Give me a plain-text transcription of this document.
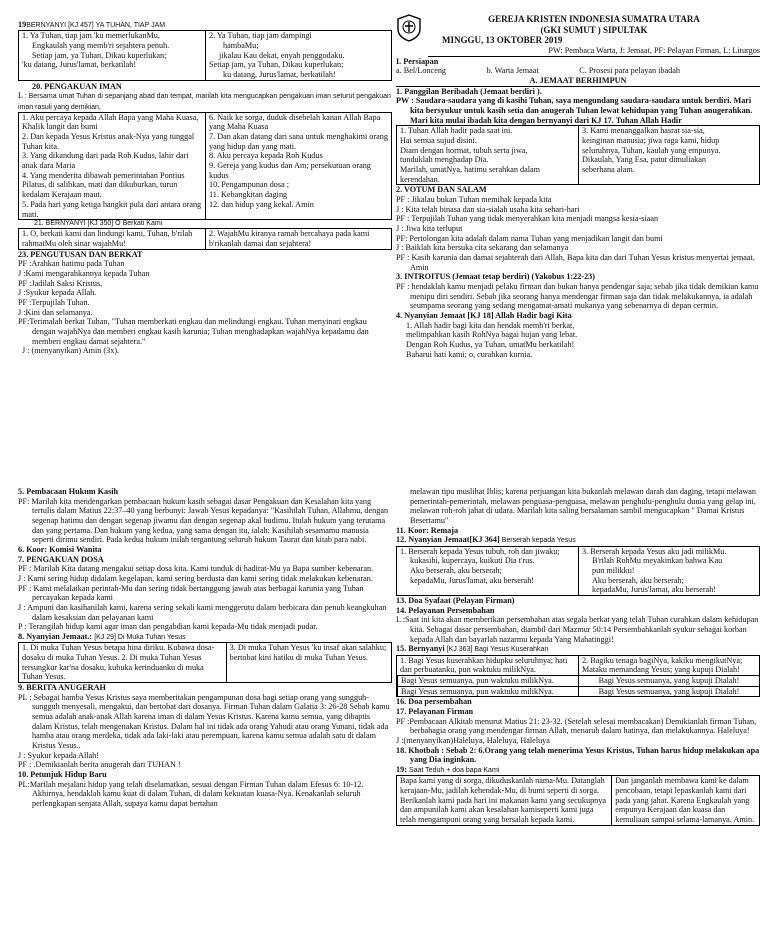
19BERNYANYI [KJ 457] YA TUHAN, TIAP JAM

1. Ya Tuhan, tiap jam 'ku memerlukanMu,

Engkaulah yang memb'ri sejahtera penuh.

Setiap jam, ya Tuhan, Dikau kuperlukan;

'ku datang, Jurus'lamat, berkatilah!

2. Ya Tuhan, tiap jam dampingi

hambaMu;

jikalau Kau dekat, enyah penggodaku.

Setiap jam, ya Tuhan, Dikau kuperlukan;

ku datang, Jurus'lamat, berkatilah!

20. PENGAKUAN IMAN

L : Bersama umat Tuhan di sepanjang abad dan tempat, marilah kita mengucapkan pengakuan iman seturut pengakuan iman rasuli yang demikian,

1. Aku percaya kepada Allah Bapa yang Maha Kuasa, Khalik langit dan bumi

2. Dan kepada Yesus Kristus anak-Nya yang tunggal Tuhan kita.

3. Yang dikandung dari pada Roh Kudus, lahir dari anak dara Maria

4. Yang menderita dibawah pemerintahan Pontius Pilatus, di salibkan, mati dan dikuburkan, turun kedalam Kerajaan maut.

5. Pada hari yang ketiga bangkit pula dari antara orang mati.

6. Naik ke sorga, duduk disebelah kanan Allah Bapa yang Maha Kuasa

7. Dan akan datang dari sana untuk menghakimi orang yang hidup dan yang mati.

8. Aku percaya kepada Roh Kudus

9. Gereja yang kudus dan Am; persekutuan orang kudus

10. Pengampunan dosa ;

11. Kebangkitan daging

12. dan hidup yang kekal. Amin

21. BERNYANYI [KJ 350] O Berkati Kami

1. O, berkati kami dan lindungi kami, Tuhan, b'rilah rahmatMu oleh sinar wajahMu!
2. WajahMu kiranya ramah bercahaya pada kami b'rikanlah damai dan sejahtera!

23. PENGUTUSAN DAN BERKAT

PF :Arahkan hatimu pada Tuhan

J :Kami mengarahkannya kepada Tuhan

PF :Jadilah Saksi Kristus,

J :Syukur kepada Allah.

PF :Terpujilah Tuhan.

J :Kini dan selamanya.

PF:Terimalah berkat Tuhan, "Tuhan memberkati engkau dan melindungi engkau. Tuhan menyinari engkau dengan wajahNya dan memberi engkau kasih karunia; Tuhan menghadapkan wajahNya kepadamu dan memberi engkau damai sejahtera."

J : (menyanyikan) Amin (3x).

GEREJA KRISTEN INDONESIA SUMATRA UTARA

(GKI SUMUT ) SIPULTAK

MINGGU, 13 OKTOBER 2019

PW: Pembaca Warta, J: Jemaat, PF: Pelayan Firman, L: Liturgos

I. Persiapan

a. Bel/Lonceng	b. Warta Jemaat	C. Prosesi para pelayan ibadah

A. JEMAAT BERHIMPUN

1. Panggilan Beribadah (Jemaat berdiri ).

PW : Saudara-saudara yang di kasihi Tuhan, saya mengundang saudara-saudara untuk berdiri. Mari kita bersyukur untuk kasih setia dan anugerah Tuhan lewat kehidupan yang Tuhan anugerahkan. Mari kita mulai ibadah kita dengan bernyanyi dari KJ 17. Tuhan Allah Hadir

1. Tuhan Allah hadir pada saat ini.

Hai semua sujud disini.

Diam dengan hormat, tubuh serta jiwa,

tunduklah menghadap Dia.

Marilah, umatNya, hatimu serahkan dalam kerendahan.

3. Kami menanggalkan hasrat sia-sia,

keinginan manusia; jiwa raga kami, hidup

seluruhnya, Tuhan, kaulah yang empunya.

Dikaulah, Yang Esa, patut dimuliakan

seberhana alam.

2. VOTUM DAN SALAM

PF : Jikalau bukan Tuhan memihak kepada kita

J : Kita telah binasa dan sia-sialah usaha kita sehari-hari

PF : Terpujilah Tuhan yang tidak menyerahkan kita menjadi mangsa kesia-siaan

J : Jiwa kita terluput

PF: Pertolongan kita adalah dalam nama Tuhan yang menjadikan langit dan bumi

J : Baiklah kita bersuka cita sekarang dan selamanya

PF : Kasih karunia dan damai sejahterah dari Allah, Bapa kita dan dari Tuhan Yesus kristus menyertai jemaat. Amin

3. INTROITUS (Jemaat tetap berdiri) (Yakobus 1:22-23)

PF : hendaklah kamu menjadi pelaku firman dan bukan hanya pendengar saja; sebab jika tidak demikian kamu menipu diri sendiri. Sebab jika seorang hanya mendengar firman saja dan tidak melakukannya, ia adalah seumpama seorang yang sedang mengamat-amati mukanya yang sebenarnya di depan cermin.

4. Nyanyian Jemaat [KJ 18] Allah Hadir bagi Kita

1. Allah hadir bagi kita dan hendak memb'ri berkat,

melimpahkan kasih RohNya bagai hujan yang lebat.

Dengan Roh Kudus, ya Tuhan, umatMu berkatilah!

Baharui hati kami; o, curahkan kurnia.

5. Pembacaan Hukum Kasih

PF: Marilah kita mendengarkan pembacaan hukum kasih sebagai dasar Pengakuan dan Kesalahan kita yang tertulis dalam Matius 22:37–40 yang berbunyi: Jawab Yesus kepadanya: "Kasihilah Tuhan, Allahmu, dengan segenap hatimu dan dengan segenap jiwamu dan dengan segenap akal budimu. Itulah hukum yang terutama dan yang pertama. Dan hukum yang kedua, yang sama dengan itu, ialah: Kasihilah sesamamu manusia seperti dirimu sendiri. Pada kedua hukum inilah tergantung seluruh hukum Taurat dan kitab para nabi.

6. Koor: Komisi Wanita

7. PENGAKUAN DOSA

PF : Marilah Kita datang mengakui setiap dosa kita. Kami tunduk di hadirat-Mu ya Bapa sumber kebenaran.

J : Kami sering hidup didalam kegelapan, kami sering berdusta dan kami sering tidak melakukan kebenaran.

PF : Kami melalaikan perintah-Mu dan sering tidak bertanggung jawab atas berbagai karunia yang Tuhan percayakan kepada kami

J : Ampuni dan kasihanilah kami, karena sering sekali kami menggerutu dalam berbicara dan penuh keangkuhan dalam kesaksian dan pelayanan kami

P : Terangilah hidup kami agar iman dan pengabdian kami kepada-Mu tidak menjadi pudar.

8. Nyanyian Jemaat.: [KJ 29] Di Muka Tuhan Yesus

1. Di muka Tuhan Yesus betapa hina diriku. Kubawa dosa-dosaku di muka Tuhan Yesus. 2. Di muka Tuhan Yesus tersungkur kar'na dosaku, kubuka kerinduanku di muka Tuhan Yesus.
3. Di muka Tuhan Yesus 'ku insaf akan salahku; bertobat kini hatiku di muka Tuhan Yesus.

9. BERITA ANUGERAH

PL : Sebagai hamba Yesus Kristus saya memberitakan pengampunan dosa bagi setiap orang yang sungguh-sungguh menyesali, mengakui, dan bertobat dari dosanya. Firman Tuhan dalam Galatia 3: 26-28 Sebab kamu semua adalah anak-anak Allah karena iman di dalam Yesus Kristus. Karena kamu semua, yang dibaptis dalam Kristus, telah mengenakan Kristus. Dalam hal ini tidak ada orang Yahudi atau orang Yunani, tidak ada hamba atau orang merdeka, tidak ada laki-laki atau perempuan, karena kamu semua adalah satu di dalam Kristus Yesus..

J : Syukur kepada Allah!

PF : .Demikianlah berita anugerah dari TUHAN !

10. Petunjuk Hidup Baru

PL:Marilah mejalani hidup yang telah diselamatkan, sesuai dengan Firman Tuhan dalam Efesus 6: 10-12. Akhirnya, hendaklah kamu kuat di dalam Tuhan, di dalam kekuatan kuasa-Nya. Kenakanlah seluruh perlengkapan senjata Allah, supaya kamu dapat bertahan

melawan tipu muslihat Iblis; karena perjuangan kita bukanlah melawan darah dan daging, tetapi melawan pemerintah-pemerintah, melawan penguasa-penguasa, melawan penghulu-penghulu dunia yang gelap ini, melawan roh-roh jahat di udara. Marilah kita saling bersalaman sambil mengucapkan " Damai Kristus Besertamu"

11. Koor: Remaja

12. Nyanyian Jemaat[KJ 364] Berserah kepada Yesus

1. Berserah kepada Yesus tubuh, roh dan jiwaku;

kukasihi, kupercaya, kuikuti Dia t'rus.

Aku berserah, aku berserah;

kepadaMu, Jurus'lamat, aku berserah!

3. Berserah kepada Yesus aku jadi milikMu.

B'rilah RohMu meyakinkan bahwa Kau

pun milikku!

Aku berserah, aku berserah;

kepadaMu, Jurus'lamat, aku berserah!

13. Doa Syafaat (Pelayan Firman)

14. Pelayanan Persembahan

L :Saat ini kita akan memberikan persembahan atas segala berkat yang telah Tuhan curahkan dalam kehidupan kita. Sebagai dasar persembahan, diambil dari Mazmur 50:14 Persembahkanlah syukur sebagai korban kepada Allah dan bayarlah nazarmu kepada Yang Mahatinggi!

15. Bernyanyi [KJ 363] Bagi Yesus Kuserahkan

1. Bagi Yesus kuserahkan hidupku seluruhnya; hati dan perbuatanku, pun waktuku milikNya.
2. Bagiku tenaga bagiNya, kakiku mengikutNya; Mataku memandang Yesus; yang kupuji Dialah!
Bagi Yesus semuanya, pun waktuku milikNya.	Bagi Yesus semuanya, yang kupuji Dialah!
Bagi Yesus semuanya, pun waktuku milikNya.	Bagi Yesus semuanya, yang kupuji Dialah!

16. Doa persembahan

17. Pelayanan Firman

PF :Pembacaan Alkitab menurut Matius 21: 23-32. (Setelah selesai membacakan) Demikianlah firman Tuhan, berbahagia orang yang mendengar firman Allah, menaruh dalam hatinya, dan melakukannya. Haleluya!

J :(menyanyikan)Haleluya, Haleluya, Haleluya

18. Khotbah : Sebab 2: 6.Orang yang telah menerima Yesus Kristus, Tuhan harus hidup melakukan apa yang Dia inginkan.

19: Saat Teduh + doa bapa Kami

Bapa kami yang di sorga, dikuduskanlah nama-Mu. Datanglah kerajaan-Mu, jadilah kehendak-Mu, di bumi seperti di sorga. Berikanlah kami pada hari ini makanan kami yang secukupnya dan ampunilah kami akan kesalahan kamiseperti kami juga telah mengampuni orang yang bersalah kepada kami.
Dan janganlah membawa kami ke dalam pencobaan, tetapi lepaskanlah kami dari pada yang jahat. Karena Engkaulah yang empunya Kerajaan dan kuasa dan kemuliaan sampai selama-lamanya. Amin.
